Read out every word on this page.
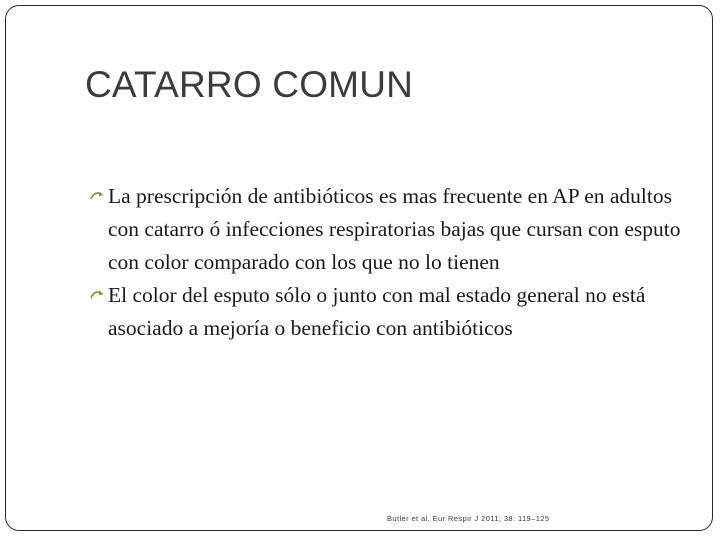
CATARRO COMUN
La prescripción de antibióticos es mas frecuente en AP en adultos con catarro ó infecciones respiratorias bajas que cursan con esputo con color comparado con los que no lo tienen
El color del esputo sólo o junto con mal estado general no está asociado a mejoría o beneficio con antibióticos
Butler et al. Eur Respir J 2011; 38: 119–125
